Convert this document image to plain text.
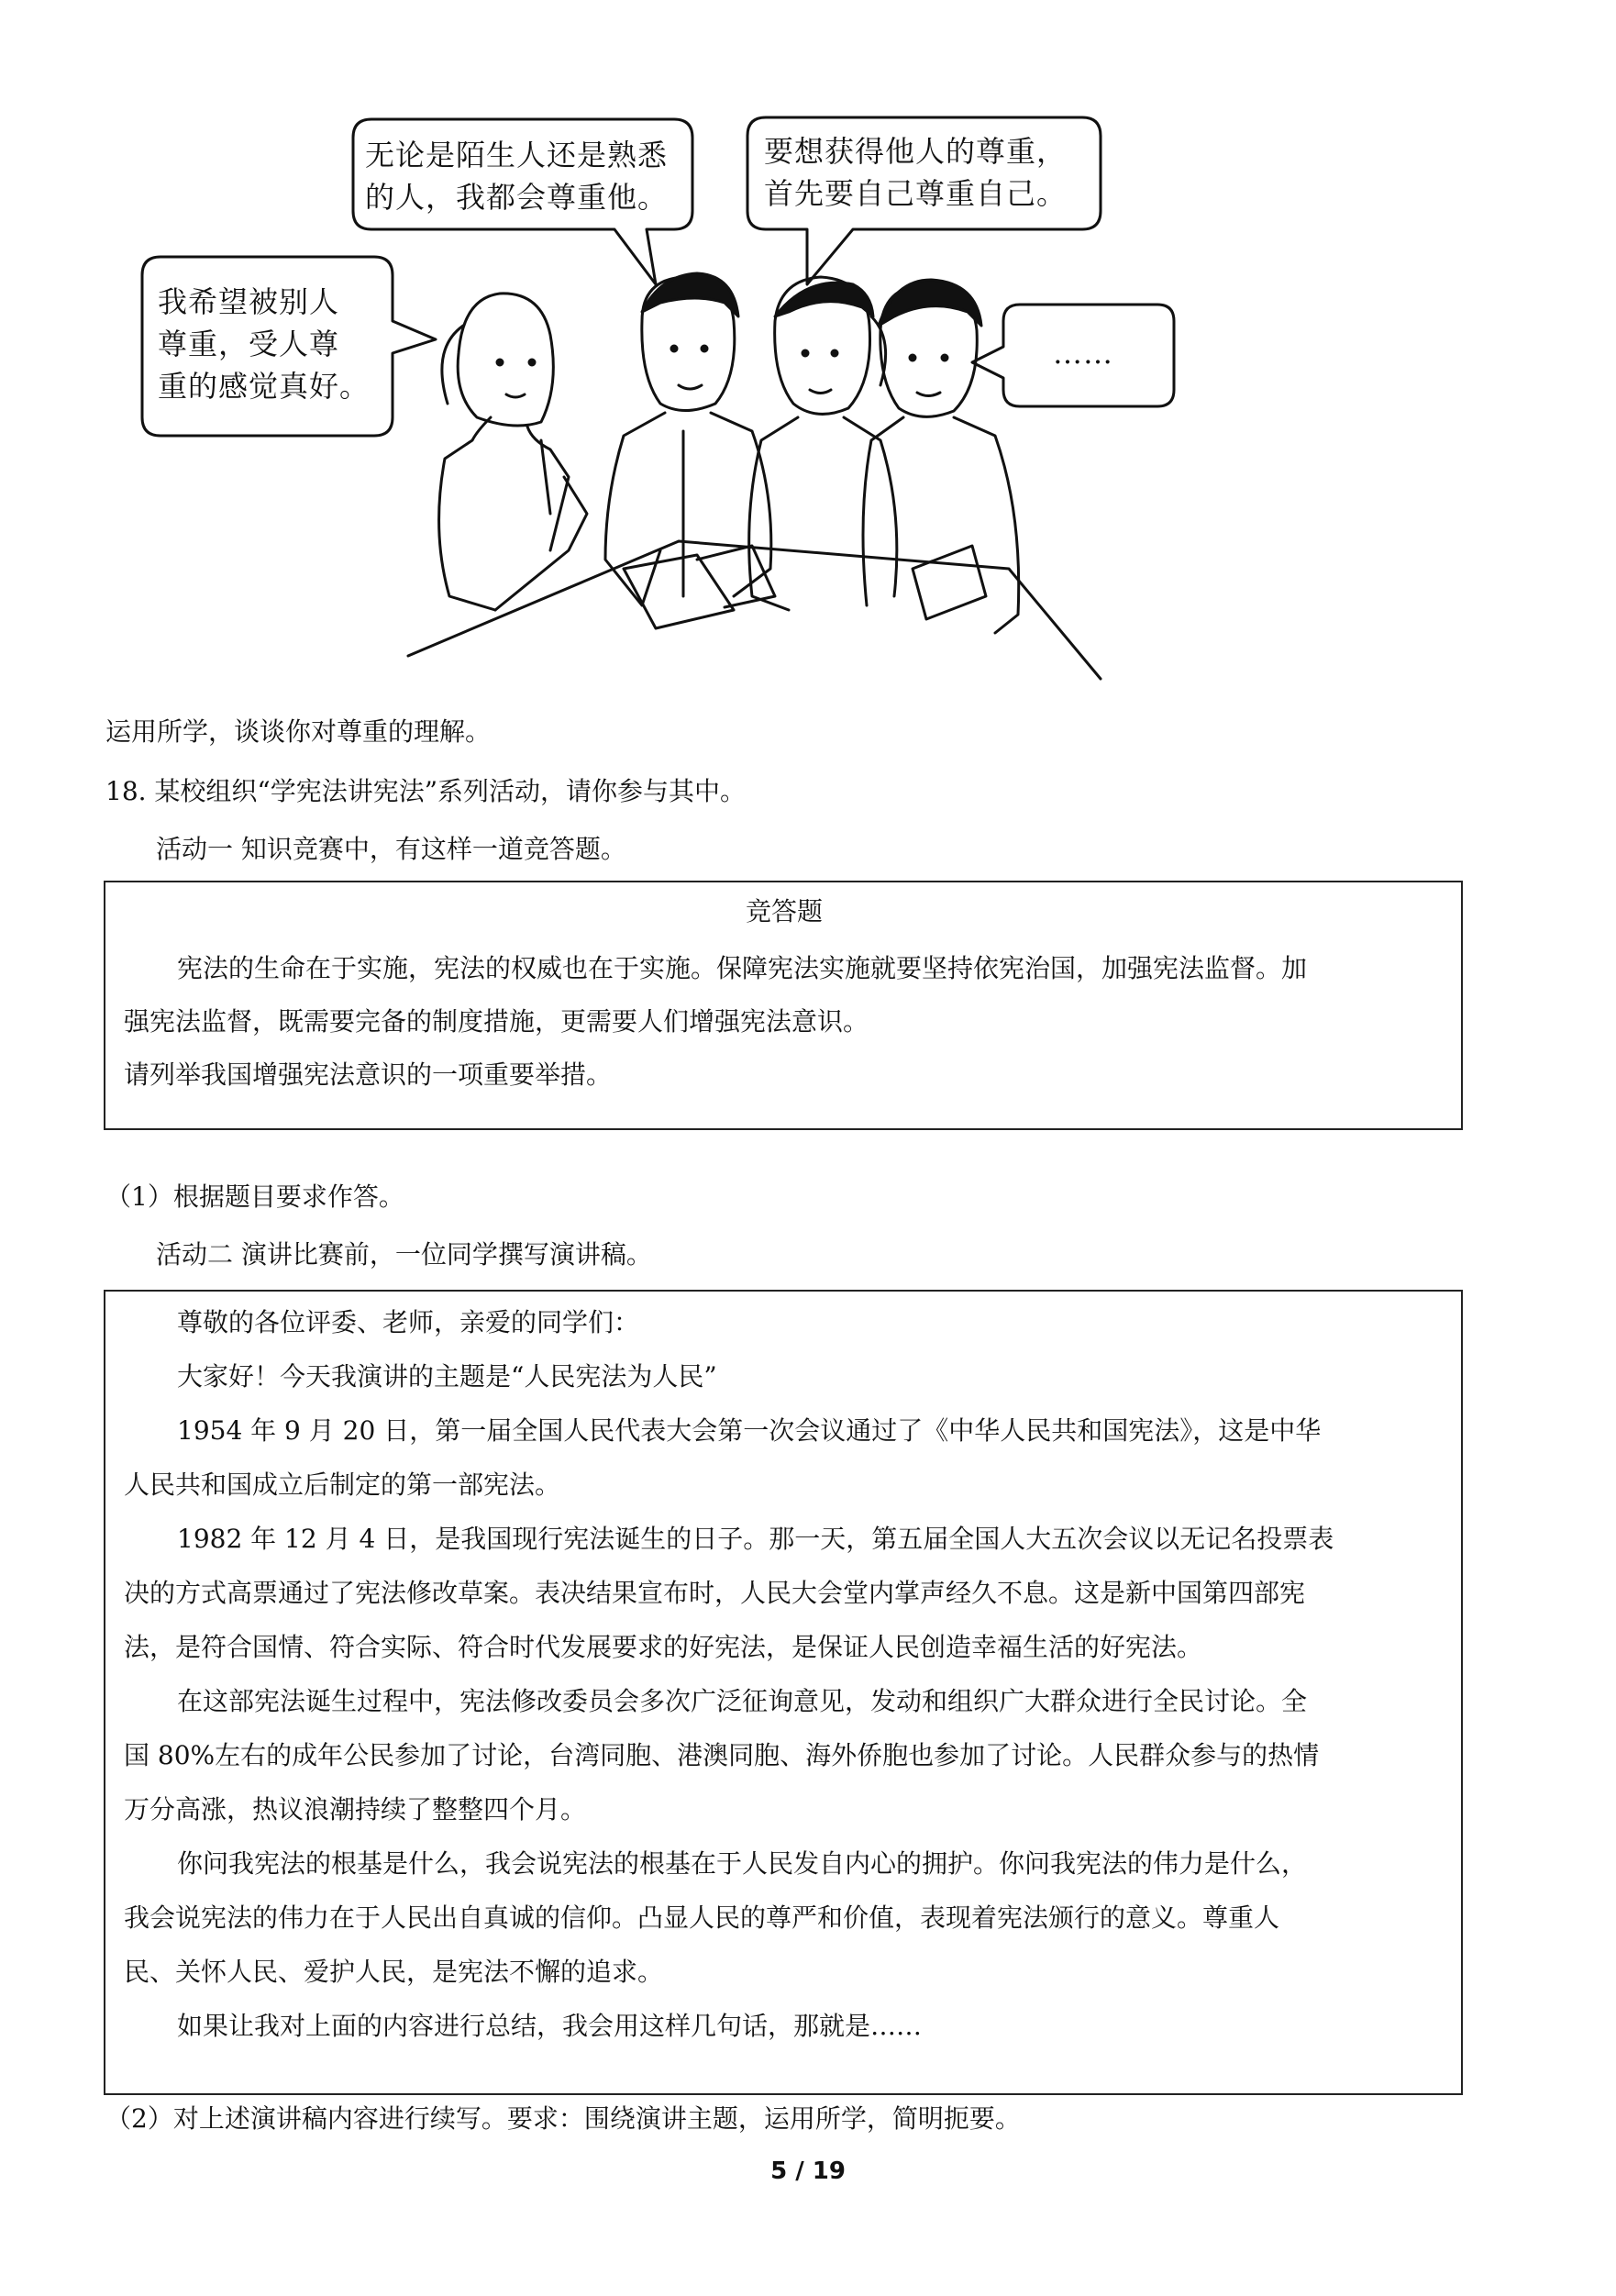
无论是陌生人还是熟悉
的人，我都会尊重他。
要想获得他人的尊重，
首先要自己尊重自己。
我希望被别人
尊重，受人尊
重的感觉真好。
……
运用所学，谈谈你对尊重的理解。
18. 某校组织“学宪法讲宪法”系列活动，请你参与其中。
活动一 知识竞赛中，有这样一道竞答题。
竞答题
宪法的生命在于实施，宪法的权威也在于实施。保障宪法实施就要坚持依宪治国，加强宪法监督。加
强宪法监督，既需要完备的制度措施，更需要人们增强宪法意识。
请列举我国增强宪法意识的一项重要举措。
（1）根据题目要求作答。
活动二 演讲比赛前，一位同学撰写演讲稿。
尊敬的各位评委、老师，亲爱的同学们：
大家好！今天我演讲的主题是“人民宪法为人民”
1954 年 9 月 20 日，第一届全国人民代表大会第一次会议通过了《中华人民共和国宪法》，这是中华
人民共和国成立后制定的第一部宪法。
1982 年 12 月 4 日，是我国现行宪法诞生的日子。那一天，第五届全国人大五次会议以无记名投票表
决的方式高票通过了宪法修改草案。表决结果宣布时，人民大会堂内掌声经久不息。这是新中国第四部宪
法，是符合国情、符合实际、符合时代发展要求的好宪法，是保证人民创造幸福生活的好宪法。
在这部宪法诞生过程中，宪法修改委员会多次广泛征询意见，发动和组织广大群众进行全民讨论。全
国 80%左右的成年公民参加了讨论，台湾同胞、港澳同胞、海外侨胞也参加了讨论。人民群众参与的热情
万分高涨，热议浪潮持续了整整四个月。
你问我宪法的根基是什么，我会说宪法的根基在于人民发自内心的拥护。你问我宪法的伟力是什么，
我会说宪法的伟力在于人民出自真诚的信仰。凸显人民的尊严和价值，表现着宪法颁行的意义。尊重人
民、关怀人民、爱护人民，是宪法不懈的追求。
如果让我对上面的内容进行总结，我会用这样几句话，那就是……
（2）对上述演讲稿内容进行续写。要求：围绕演讲主题，运用所学，简明扼要。
5 / 19
